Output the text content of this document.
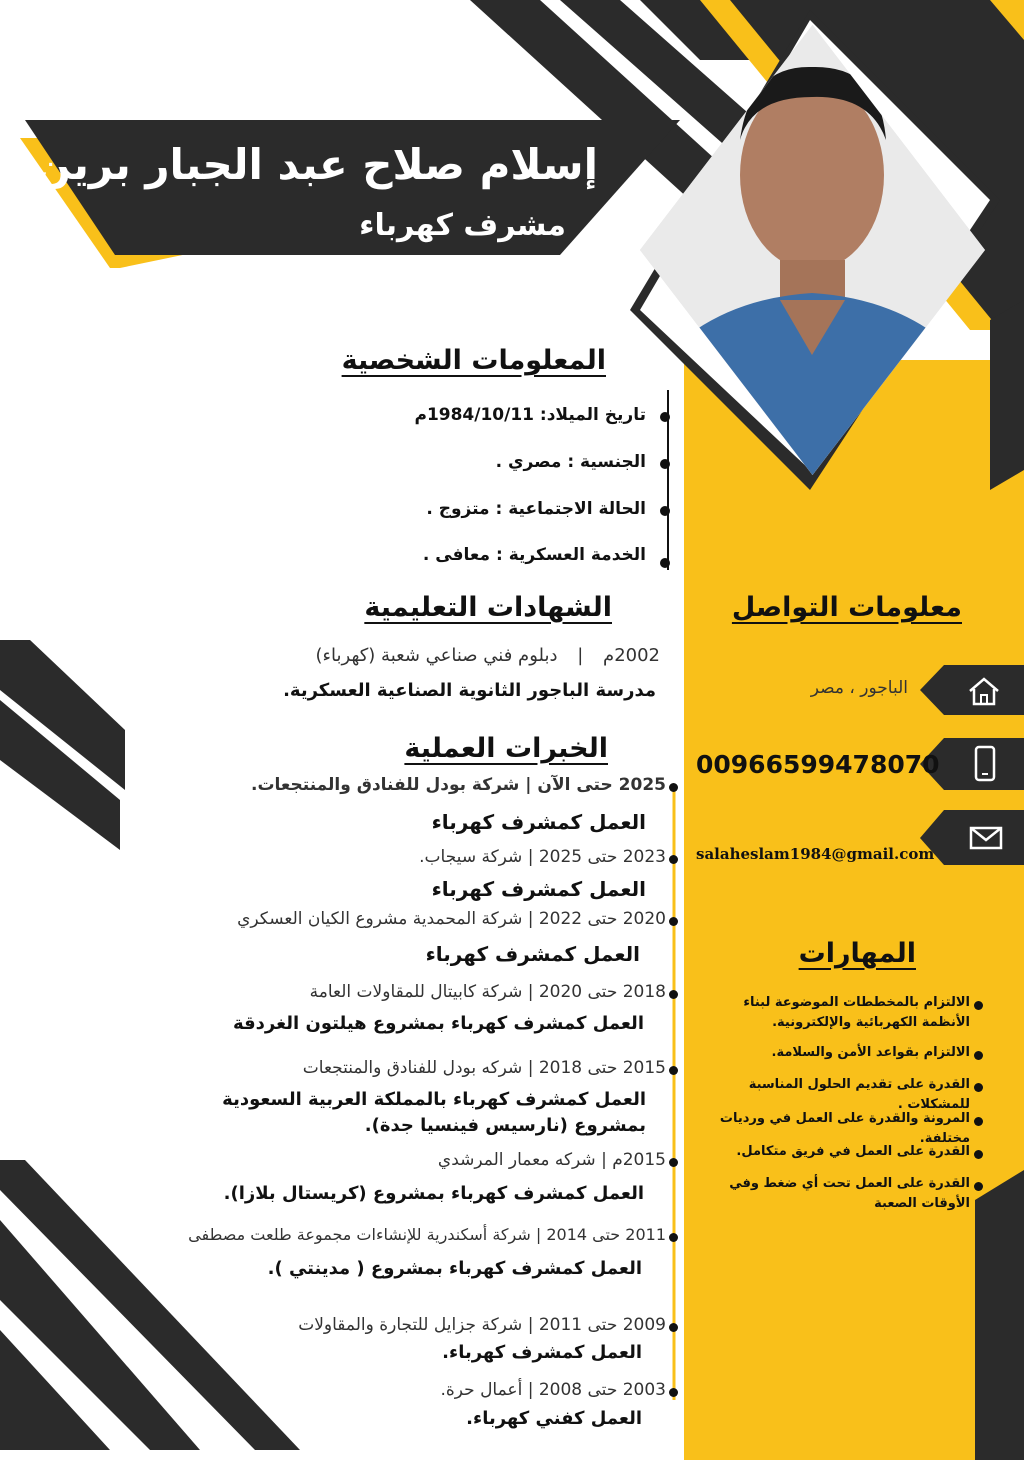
إسلام صلاح عبد الجبار برين
مشرف كهرباء
المعلومات الشخصية
تاريخ الميلاد: 1984/10/11م
الجنسية : مصري .
الحالة الاجتماعية : متزوج .
الخدمة العسكرية : معافى .
الشهادات التعليمية
2002م | دبلوم فني صناعي شعبة (كهرباء)
مدرسة الباجور الثانوية الصناعية العسكرية.
الخبرات العملية
2025 حتى الآن | شركة بودل للفنادق والمنتجعات.
العمل كمشرف كهرباء
2023 حتى 2025 | شركة سيجاب.
العمل كمشرف كهرباء
2020 حتى 2022 | شركة المحمدية مشروع الكيان العسكري
العمل كمشرف كهرباء
2018 حتى 2020 | شركة كابيتال للمقاولات العامة
العمل كمشرف كهرباء بمشروع هيلتون الغردقة
2015 حتى 2018 | شركه بودل للفنادق والمنتجعات
العمل كمشرف كهرباء بالمملكة العربية السعودية
بمشروع (نارسيس فينسيا جدة).
2015م | شركه معمار المرشدي
العمل كمشرف كهرباء بمشروع (كريستال بلازا).
2011 حتى 2014 | شركة أسكندرية للإنشاءات مجموعة طلعت مصطفى
العمل كمشرف كهرباء بمشروع ( مدينتي ).
2009 حتى 2011 | شركة جزايل للتجارة والمقاولات
العمل كمشرف كهرباء.
2003 حتى 2008 | أعمال حرة.
العمل كفني كهرباء.
معلومات التواصل
الباجور ، مصر
00966599478070
salaheslam1984@gmail.com
المهارات
الالتزام بالمخططات الموضوعة لبناء الأنظمة الكهربائية والإلكترونية.
الالتزام بقواعد الأمن والسلامة.
القدرة على تقديم الحلول المناسبة للمشكلات .
المرونة والقدرة على العمل في ورديات مختلفة.
القدرة على العمل في فريق متكامل.
القدرة على العمل تحت أي ضغط وفي الأوقات الصعبة
